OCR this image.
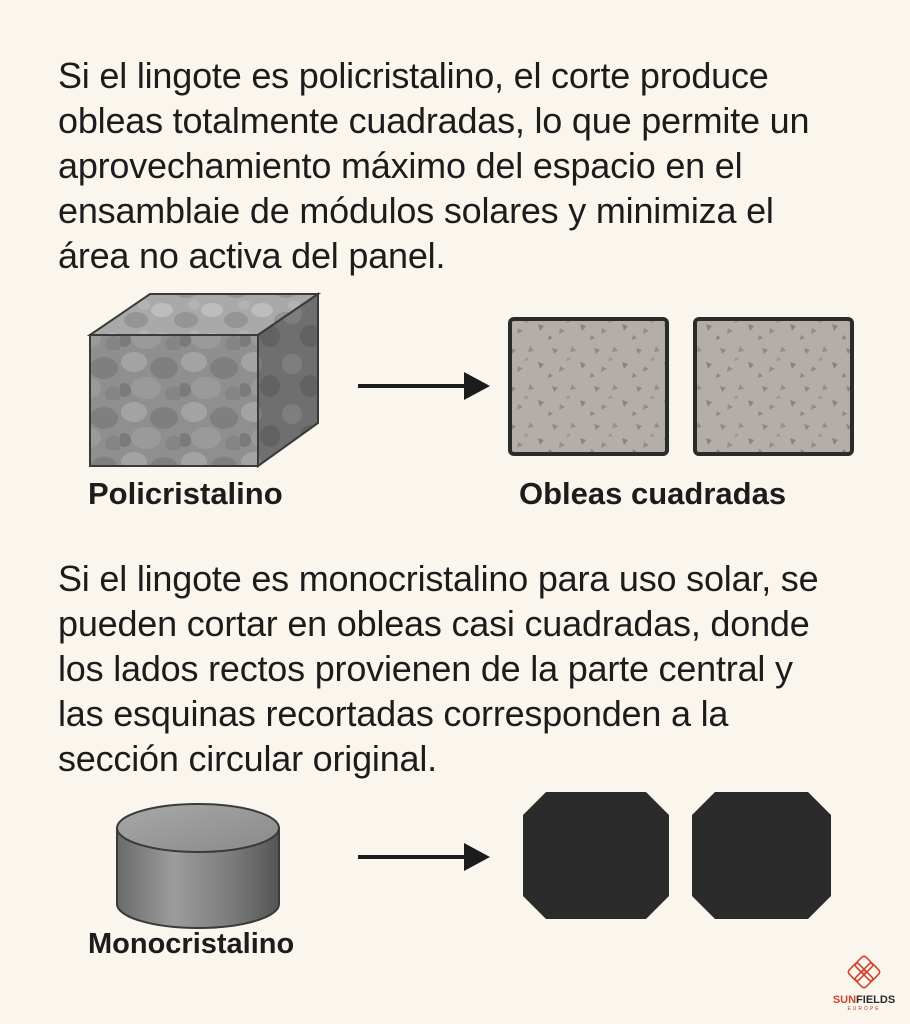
Si el lingote es policristalino, el corte produce
obleas totalmente cuadradas, lo que permite un
aprovechamiento máximo del espacio en el
ensamblaie de módulos solares y minimiza el
área no activa del panel.
Policristalino	Obleas cuadradas
Si el lingote es monocristalino para uso solar, se
pueden cortar en obleas casi cuadradas, donde
los lados rectos provienen de la parte central y
las esquinas recortadas corresponden a la
sección circular original.
Monocristalino
SUNFIELDS
EUROPE
